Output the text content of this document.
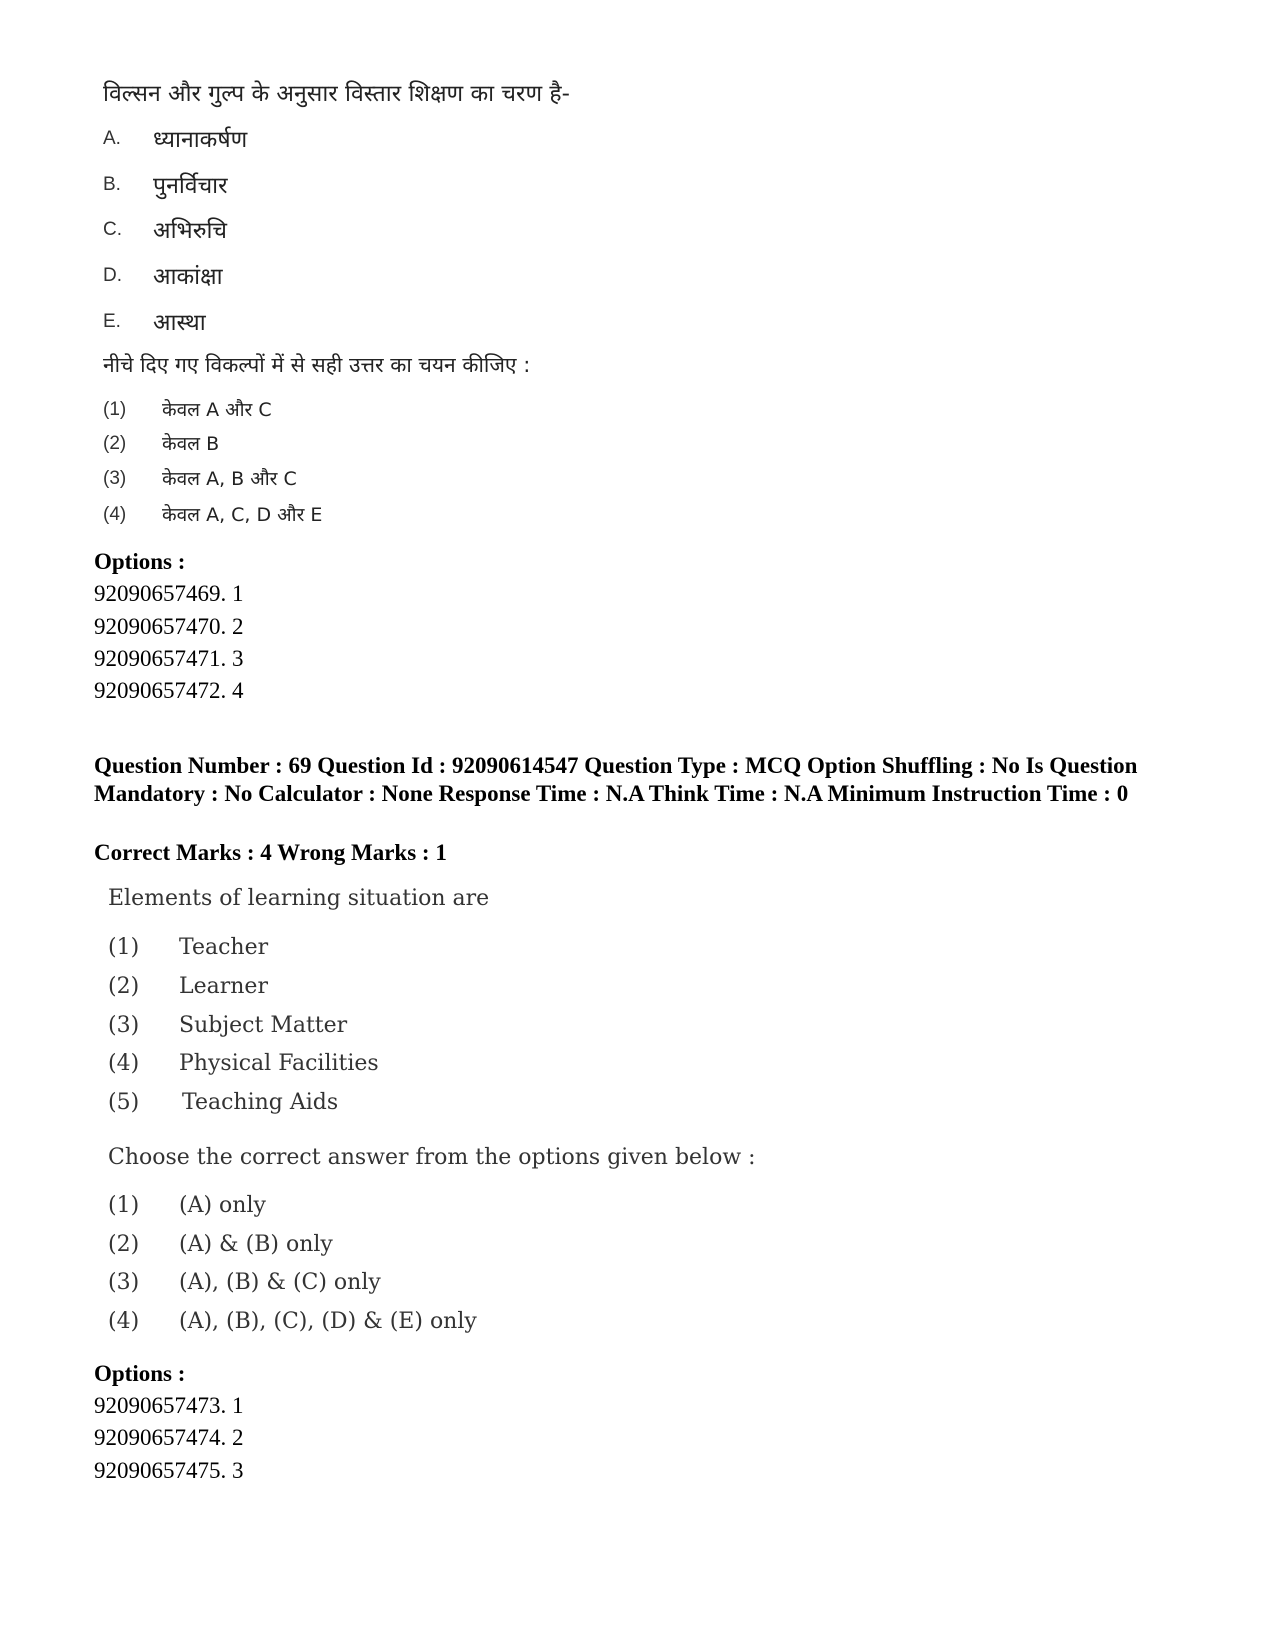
विल्सन और गुल्प के अनुसार विस्तार शिक्षण का चरण है-
A. ध्यानाकर्षण
B. पुनर्विचार
C. अभिरुचि
D. आकांक्षा
E. आस्था
नीचे दिए गए विकल्पों में से सही उत्तर का चयन कीजिए :
(1) केवल A और C
(2) केवल B
(3) केवल A, B और C
(4) केवल A, C, D और E
Options :
92090657469. 1
92090657470. 2
92090657471. 3
92090657472. 4
Question Number : 69 Question Id : 92090614547 Question Type : MCQ Option Shuffling : No Is Question Mandatory : No Calculator : None Response Time : N.A Think Time : N.A Minimum Instruction Time : 0
Correct Marks : 4 Wrong Marks : 1
Elements of learning situation are
(1) Teacher
(2) Learner
(3) Subject Matter
(4) Physical Facilities
(5) Teaching Aids
Choose the correct answer from the options given below :
(1) (A) only
(2) (A) & (B) only
(3) (A), (B) & (C) only
(4) (A), (B), (C), (D) & (E) only
Options :
92090657473. 1
92090657474. 2
92090657475. 3
